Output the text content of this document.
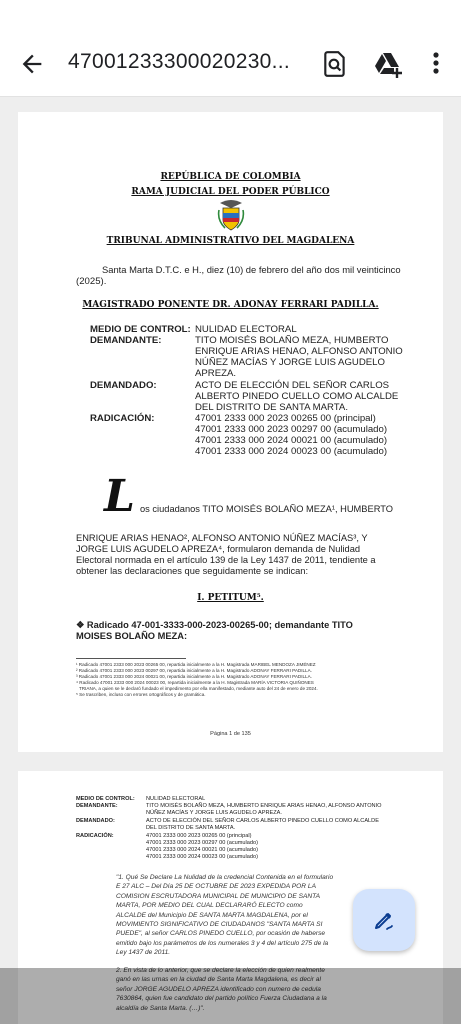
47001233300020230...
REPÚBLICA DE COLOMBIA
RAMA JUDICIAL DEL PODER PÚBLICO
TRIBUNAL ADMINISTRATIVO DEL MAGDALENA
Santa Marta D.T.C. e H., diez (10) de febrero del año dos mil veinticinco
(2025).
MAGISTRADO PONENTE DR. ADONAY FERRARI PADILLA.
MEDIO DE CONTROL: NULIDAD ELECTORAL
DEMANDANTE:	TITO MOISÉS BOLAÑO MEZA, HUMBERTO
ENRIQUE ARIAS HENAO, ALFONSO ANTONIO
NÚÑEZ MACÍAS Y JORGE LUIS AGUDELO
APREZA.
DEMANDADO:	ACTO DE ELECCIÓN DEL SEÑOR CARLOS
ALBERTO PINEDO CUELLO COMO ALCALDE
DEL DISTRITO DE SANTA MARTA.
RADICACIÓN:	47001 2333 000 2023 00265 00 (principal)
47001 2333 000 2023 00297 00 (acumulado)
47001 2333 000 2024 00021 00 (acumulado)
47001 2333 000 2024 00023 00 (acumulado)
L os ciudadanos TITO MOISÉS BOLAÑO MEZA¹, HUMBERTO
ENRIQUE ARIAS HENAO², ALFONSO ANTONIO NÚÑEZ MACÍAS³, Y
JORGE LUIS AGUDELO APREZA⁴, formularon demanda de Nulidad
Electoral normada en el artículo 139 de la Ley 1437 de 2011, tendiente a
obtener las declaraciones que seguidamente se indican:
I. PETITUM⁵.
❖ Radicado 47-001-3333-000-2023-00265-00; demandante TITO
MOISES BOLAÑO MEZA:
¹ Radicado 47001 2333 000 2023 00265 00, repartida inicialmente a la H. Magistrada MARIBEL MENDOZA JIMÉNEZ
² Radicado 47001 2333 000 2023 00297 00, repartida inicialmente a la H. Magistrado ADONAY FERRARI PADILLA.
³ Radicado 47001 2333 000 2024 00021 00, repartida inicialmente a la H. Magistrado ADONAY FERRARI PADILLA.
⁴ Radicado 47001 2333 000 2024 00023 00, repartida inicialmente a la H. Magistrada MARÍA VICTORIA QUIÑONES
TRIANA, a quien se le declaró fundado el impedimento por ella manifestado, mediante auto del 24 de enero de 2024.
⁵ Se trascriben, incluso con errores ortográficos y de gramática.
Página 1 de 135
MEDIO DE CONTROL: NULIDAD ELECTORAL
DEMANDANTE:	TITO MOISÉS BOLAÑO MEZA, HUMBERTO ENRIQUE ARIAS HENAO, ALFONSO ANTONIO
NÚÑEZ MACÍAS Y JORGE LUIS AGUDELO APREZA.
DEMANDADO:	ACTO DE ELECCIÓN DEL SEÑOR CARLOS ALBERTO PINEDO CUELLO COMO ALCALDE
DEL DISTRITO DE SANTA MARTA.
RADICACIÓN:	47001 2333 000 2023 00265 00 (principal)
47001 2333 000 2023 00297 00 (acumulado)
47001 2333 000 2024 00021 00 (acumulado)
47001 2333 000 2024 00023 00 (acumulado)
"1. Qué Se Declare La Nulidad de la credencial Contenida en el formulario
E 27 ALC – Del Día 25 DE OCTUBRE DE 2023 EXPEDIDA POR LA
COMISION ESCRUTADORA MUNICIPAL DE MUNICIPIO DE SANTA
MARTA, POR MEDIO DEL CUAL DECLARARÓ ELECTO como
ALCALDE del Municipio DE SANTA MARTA MAGDALENA, por el
MOVIMIENTO SIGNIFICATIVO DE CIUDADANOS "SANTA MARTA SI
PUEDE", al señor CARLOS PINEDO CUELLO, por ocasión de haberse
emitido bajo los parámetros de los numerales 3 y 4 del artículo 275 de la
Ley 1437 de 2011.
2. En vista de lo anterior, que se declare la elección de quien realmente
ganó en las urnas en la ciudad de Santa Marta Magdalena, es decir al
señor JORGE AGUDELO APREZA identificado con numero de cedula
7630864, quien fue candidato del partido político Fuerza Ciudadana a la
alcaldía de Santa Marta. (…)".
